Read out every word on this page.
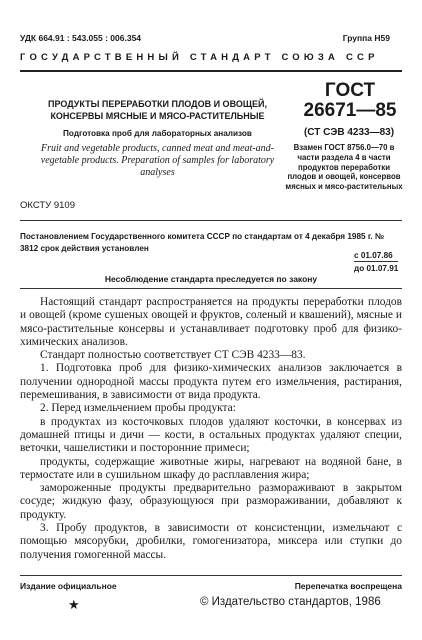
УДК 664.91 : 543.055 : 006.354	Группа Н59
ГОСУДАРСТВЕННЫЙ СТАНДАРТ СОЮЗА ССР
ПРОДУКТЫ ПЕРЕРАБОТКИ ПЛОДОВ И ОВОЩЕЙ, КОНСЕРВЫ МЯСНЫЕ И МЯСО-РАСТИТЕЛЬНЫЕ
Подготовка проб для лабораторных анализов
Fruit and vegetable products, canned meat and meat-and-vegetable products. Preparation of samples for laboratory analyses
ГОСТ
26671—85
(СТ СЭВ 4233—83)
Взамен ГОСТ 8756.0—70 в части раздела 4 в части продуктов переработки плодов и овощей, консервов мясных и мясо-растительных
ОКСТУ 9109
Постановлением Государственного комитета СССР по стандартам от 4 декабря 1985 г. № 3812 срок действия установлен
с 01.07.86
до 01.07.91
Несоблюдение стандарта преследуется по закону

Настоящий стандарт распространяется на продукты переработки плодов и овощей (кроме сушеных овощей и фруктов, соленый и квашений), мясные и мясо-растительные консервы и устанавливает подготовку проб для физико-химических анализов.

Стандарт полностью соответствует СТ СЭВ 4233—83.

1. Подготовка проб для физико-химических анализов заключается в получении однородной массы продукта путем его измельчения, растирания, перемешивания, в зависимости от вида продукта.

2. Перед измельчением пробы продукта:

в продуктах из косточковых плодов удаляют косточки, в консервах из домашней птицы и дичи — кости, в остальных продуктах удаляют специи, веточки, чашелистики и посторонние примеси;

продукты, содержащие животные жиры, нагревают на водяной бане, в термостате или в сушильном шкафу до расплавления жира;

замороженные продукты предварительно размораживают в закрытом сосуде; жидкую фазу, образующуюся при размораживании, добавляют к продукту.

3. Пробу продуктов, в зависимости от консистенции, измельчают с помощью мясорубки, дробилки, гомогенизатора, миксера или ступки до получения гомогенной массы.

Издание официальное	Перепечатка воспрещена
★	© Издательство стандартов, 1986
